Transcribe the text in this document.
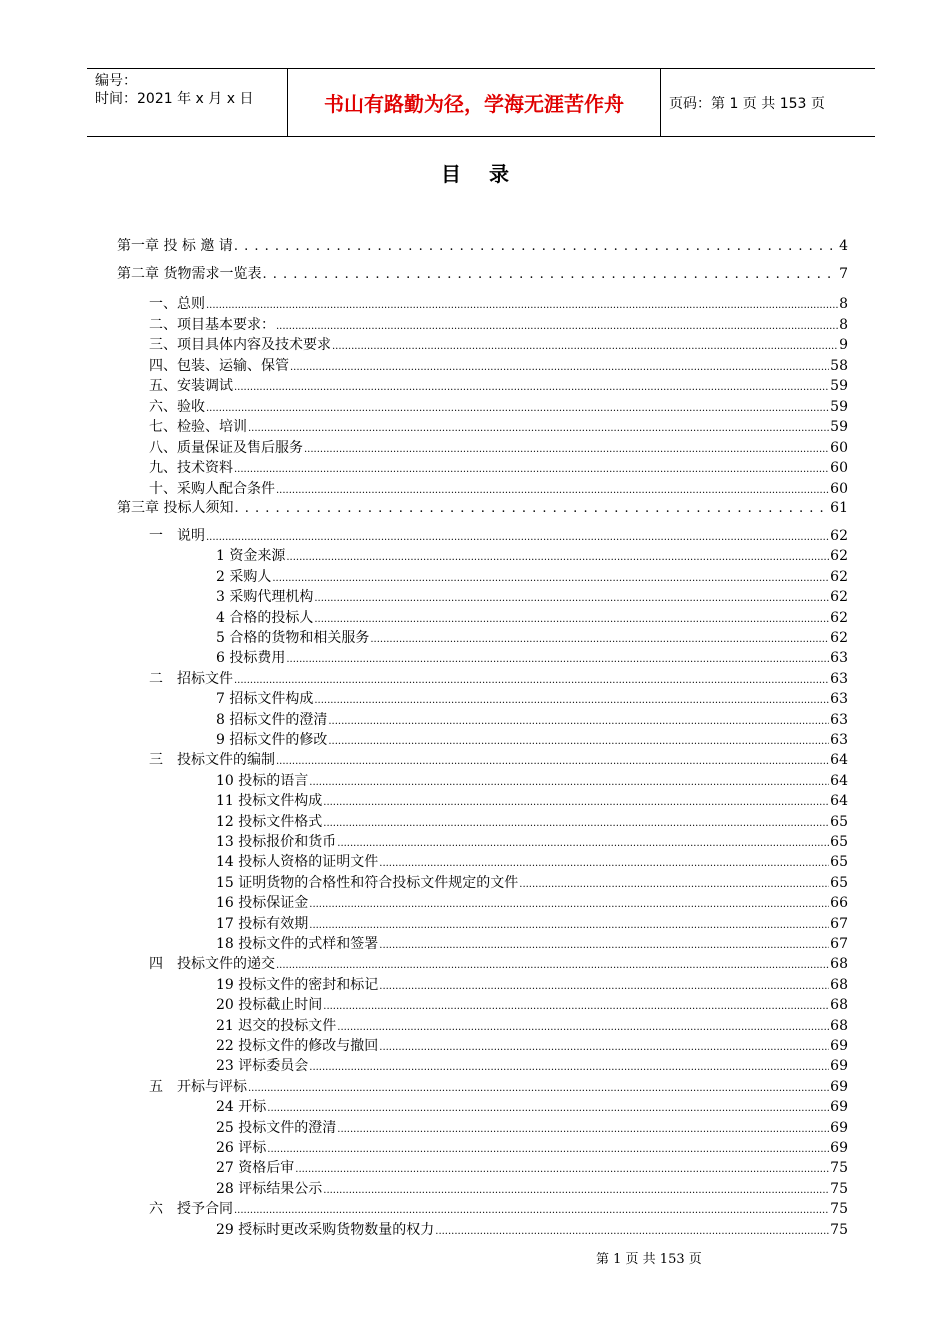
编号：
时间：2021 年 x 月 x 日	书山有路勤为径，学海无涯苦作舟	页码：第 1 页 共 153 页
目录
第一章 投 标 邀 请 . . .	4
第二章 货物需求一览表 . . .	7
一、总则 .....	8
二、项目基本要求： .....	8
三、项目具体内容及技术要求 .....	9
四、包装、运输、保管 .....	58
五、安装调试 .....	59
六、验收 .....	59
七、检验、培训 .....	59
八、质量保证及售后服务 .....	60
九、技术资料 .....	60
十、采购人配合条件 .....	60
第三章 投标人须知 . . .	61
一　说明 .....	62
1 资金来源 .....	62
2 采购人 .....	62
3 采购代理机构 .....	62
4 合格的投标人 .....	62
5 合格的货物和相关服务 .....	62
6 投标费用 .....	63
二　招标文件 .....	63
7 招标文件构成 .....	63
8 招标文件的澄清 .....	63
9 招标文件的修改 .....	63
三　投标文件的编制 .....	64
10 投标的语言 .....	64
11 投标文件构成 .....	64
12 投标文件格式 .....	65
13 投标报价和货币 .....	65
14 投标人资格的证明文件 .....	65
15 证明货物的合格性和符合投标文件规定的文件 .....	65
16 投标保证金 .....	66
17 投标有效期 .....	67
18 投标文件的式样和签署 .....	67
四　投标文件的递交 .....	68
19 投标文件的密封和标记 .....	68
20 投标截止时间 .....	68
21 迟交的投标文件 .....	68
22 投标文件的修改与撤回 .....	69
23 评标委员会 .....	69
五　开标与评标 .....	69
24 开标 .....	69
25 投标文件的澄清 .....	69
26 评标 .....	69
27 资格后审 .....	75
28 评标结果公示 .....	75
六　授予合同 .....	75
29 授标时更改采购货物数量的权力 .....	75
第 1 页 共 153 页
